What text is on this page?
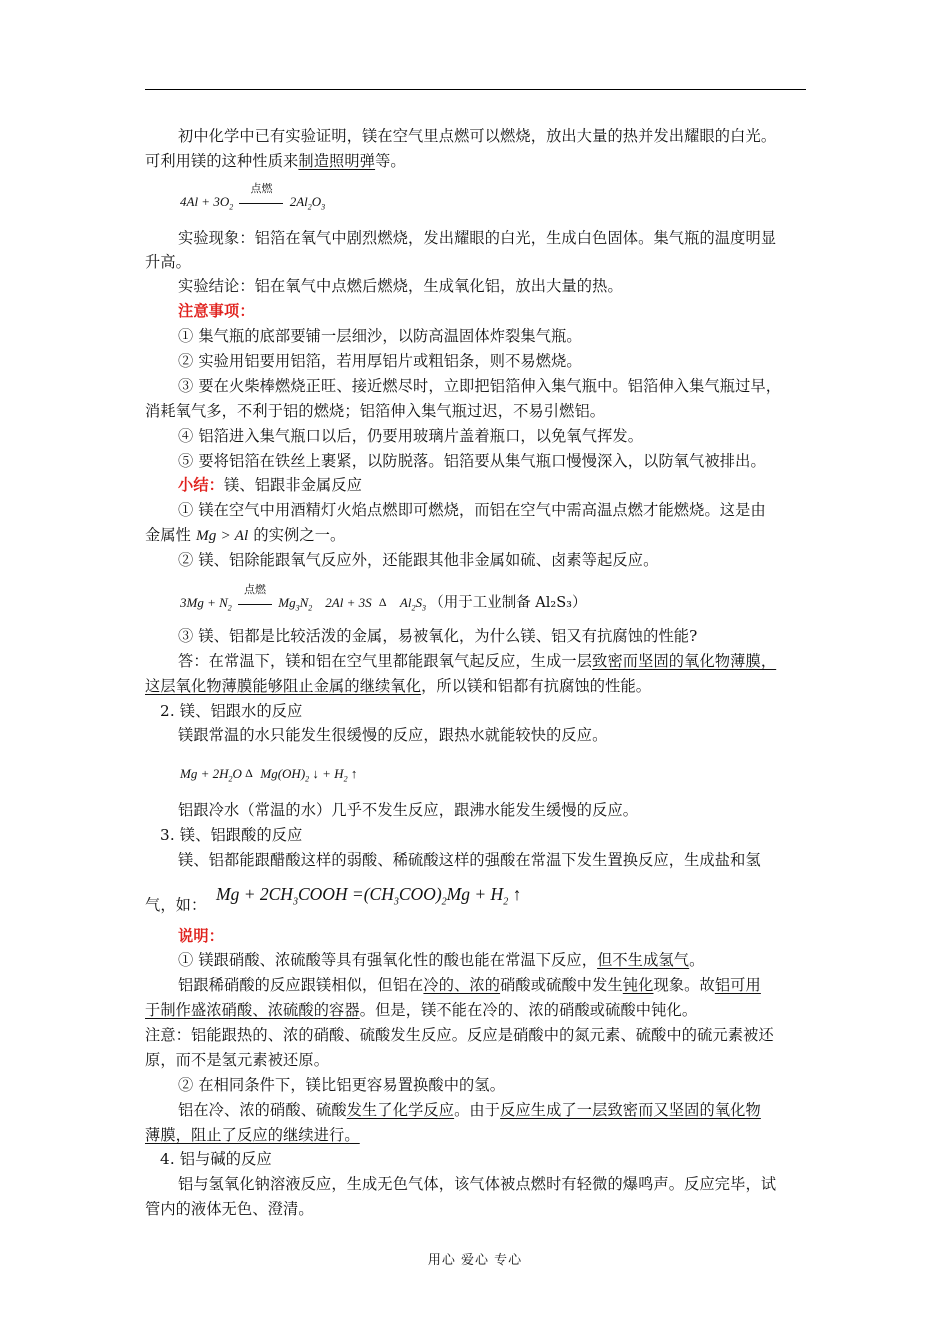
初中化学中已有实验证明，镁在空气里点燃可以燃烧，放出大量的热并发出耀眼的白光。
可利用镁的这种性质来制造照明弹等。
$4Al + 3O_2$
点燃
$2Al_2O_3$
实验现象：铝箔在氧气中剧烈燃烧，发出耀眼的白光，生成白色固体。集气瓶的温度明显
升高。
实验结论：铝在氧气中点燃后燃烧，生成氧化铝，放出大量的热。
注意事项：
① 集气瓶的底部要铺一层细沙，以防高温固体炸裂集气瓶。
② 实验用铝要用铝箔，若用厚铝片或粗铝条，则不易燃烧。
③ 要在火柴棒燃烧正旺、接近燃尽时，立即把铝箔伸入集气瓶中。铝箔伸入集气瓶过早，
消耗氧气多，不利于铝的燃烧；铝箔伸入集气瓶过迟，不易引燃铝。
④ 铝箔进入集气瓶口以后，仍要用玻璃片盖着瓶口，以免氧气挥发。
⑤ 要将铝箔在铁丝上裹紧，以防脱落。铝箔要从集气瓶口慢慢深入，以防氧气被排出。
小结：镁、铝跟非金属反应
① 镁在空气中用酒精灯火焰点燃即可燃烧，而铝在空气中需高温点燃才能燃烧。这是由
金属性 Mg > Al 的实例之一。
② 镁、铝除能跟氧气反应外，还能跟其他非金属如硫、卤素等起反应。
$3Mg + N_2$
点燃
$Mg_3N_2$ 2Al + 3S Δ $Al_2S_3$ （用于工业制备 Al₂S₃）
③ 镁、铝都是比较活泼的金属，易被氧化，为什么镁、铝又有抗腐蚀的性能?
答：在常温下，镁和铝在空气里都能跟氧气起反应，生成一层致密而坚固的氧化物薄膜，
这层氧化物薄膜能够阻止金属的继续氧化，所以镁和铝都有抗腐蚀的性能。
2. 镁、铝跟水的反应
镁跟常温的水只能发生很缓慢的反应，跟热水就能较快的反应。
$Mg + 2H_2O$ Δ $Mg(OH)_2$ ↓ + $H_2$ ↑
铝跟冷水（常温的水）几乎不发生反应，跟沸水能发生缓慢的反应。
3. 镁、铝跟酸的反应
镁、铝都能跟醋酸这样的弱酸、稀硫酸这样的强酸在常温下发生置换反应，生成盐和氢
气，如：
$Mg + 2CH_3COOH =(CH_3COO)_2Mg + H_2$ ↑
说明：
① 镁跟硝酸、浓硫酸等具有强氧化性的酸也能在常温下反应，但不生成氢气。
铝跟稀硝酸的反应跟镁相似，但铝在冷的、浓的硝酸或硫酸中发生钝化现象。故铝可用
于制作盛浓硝酸、浓硫酸的容器。但是，镁不能在冷的、浓的硝酸或硫酸中钝化。
注意：铝能跟热的、浓的硝酸、硫酸发生反应。反应是硝酸中的氮元素、硫酸中的硫元素被还
原，而不是氢元素被还原。
② 在相同条件下，镁比铝更容易置换酸中的氢。
铝在冷、浓的硝酸、硫酸发生了化学反应。由于反应生成了一层致密而又坚固的氧化物
薄膜，阻止了反应的继续进行。
4. 铝与碱的反应
铝与氢氧化钠溶液反应，生成无色气体，该气体被点燃时有轻微的爆鸣声。反应完毕，试
管内的液体无色、澄清。
用心 爱心 专心
